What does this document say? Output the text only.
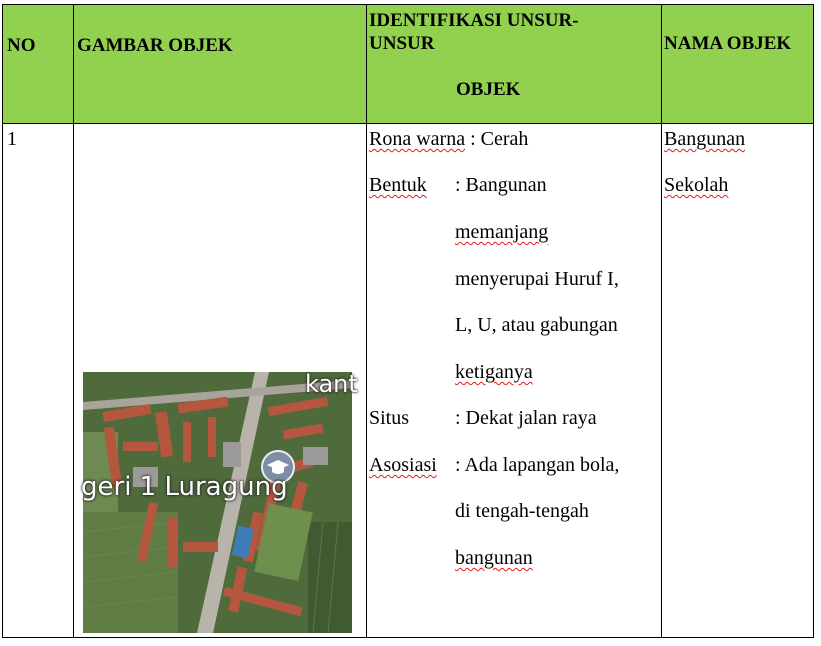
NO GAMBAR OBJEK
IDENTIFIKASI UNSUR-
UNSUR
OBJEK
NAMA OBJEK
1	Rona warna : Cerah
Bentuk : Bangunan
memanjang
menyerupai Huruf I,
L, U, atau gabungan
ketiganya
Situs : Dekat jalan raya
Asosiasi : Ada lapangan bola,
di tengah-tengah
bangunan
Bangunan
Sekolah
geri 1 Luragung
kant
